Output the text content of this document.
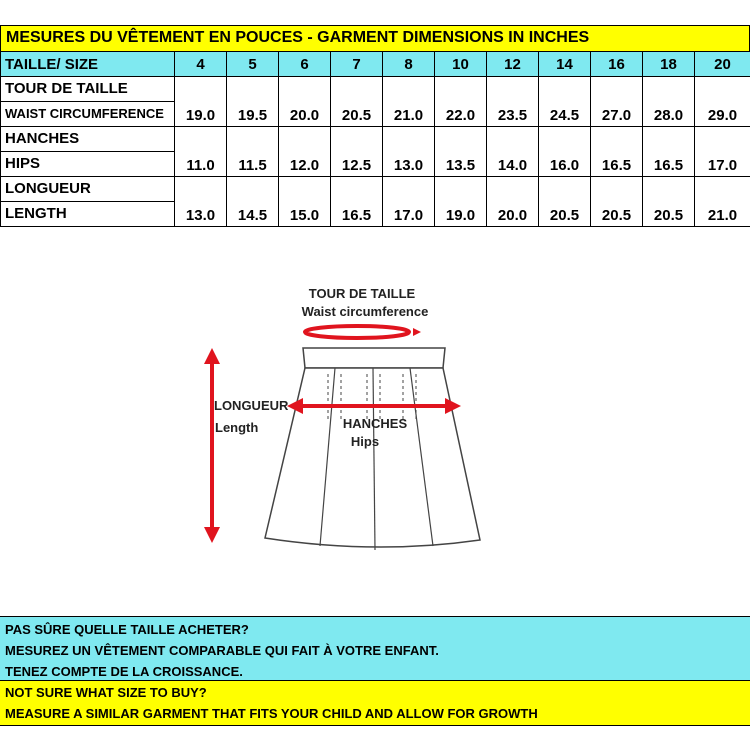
MESURES DU VÊTEMENT EN POUCES - GARMENT DIMENSIONS IN INCHES
TAILLE/ SIZE	4	5	6	7	8	10	12	14	16	18	20

TOUR DE TAILLE
WAIST CIRCUMFERENCE	19.0	19.5	20.0	20.5	21.0	22.0	23.5	24.5	27.0	28.0	29.0

HANCHES
HIPS	11.0	11.5	12.0	12.5	13.0	13.5	14.0	16.0	16.5	16.5	17.0

LONGUEUR
LENGTH	13.0	14.5	15.0	16.5	17.0	19.0	20.0	20.5	20.5	20.5	21.0
TOUR DE TAILLE
Waist circumference
LONGUEUR
Length	HANCHES
Hips
PAS SÛRE QUELLE TAILLE ACHETER?
MESUREZ UN VÊTEMENT COMPARABLE QUI FAIT À VOTRE ENFANT.
TENEZ COMPTE DE LA CROISSANCE.
NOT SURE WHAT SIZE TO BUY?
MEASURE A SIMILAR GARMENT THAT FITS YOUR CHILD AND ALLOW FOR GROWTH
